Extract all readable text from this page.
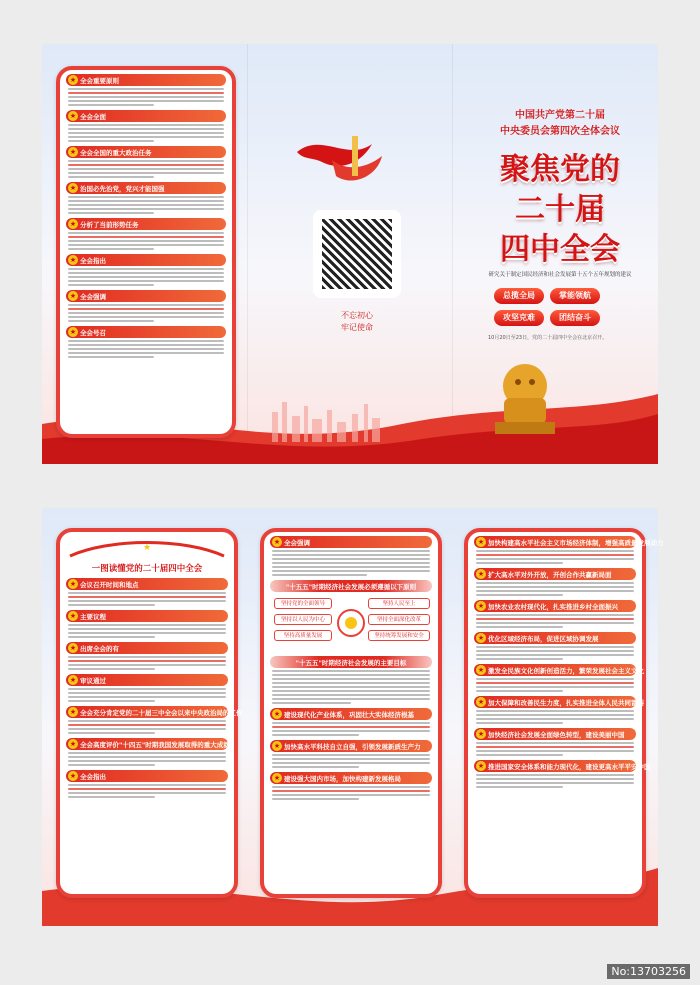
★ 全会重要原则
★ 全会全面
★ 全会全国的重大政治任务
★ 治国必先治党，党兴才能国强
★ 分析了当前形势任务
★ 全会指出
★ 全会强调
★ 全会号召
不忘初心
牢记使命
中国共产党第二十届
中央委员会第四次全体会议
聚焦党的
二十届
四中全会
研究关于制定国民经济和社会发展第十五个五年规划的建议
总揽全局	掌能领航
攻坚克难	团结奋斗
10月20日至23日，党的二十届四中全会在北京召开。
★
一图读懂党的二十届四中全会
★ 会议召开时间和地点
★ 主要议程
★ 出席全会的有
★ 审议通过
★ 全会充分肯定党的二十届三中全会以来中央政治局的工作
★ 全会高度评价"十四五"时期我国发展取得的重大成就
★ 全会指出
★ 全会强调
"十五五"时期经济社会发展必须遵循以下原则
坚持党的全面领导
坚持以人民为中心
坚持高质量发展
坚持人民至上
坚持全面深化改革
坚持统筹发展和安全
"十五五"时期经济社会发展的主要目标
★ 建设现代化产业体系，巩固壮大实体经济根基
★ 加快高水平科技自立自强，引领发展新质生产力
★ 建设强大国内市场，加快构建新发展格局
★ 加快构建高水平社会主义市场经济体制，增强高质量发展动力
★ 扩大高水平对外开放，开创合作共赢新局面
★ 加快农业农村现代化，扎实推进乡村全面振兴
★ 优化区域经济布局，促进区域协调发展
★ 激发全民族文化创新创造活力，繁荣发展社会主义文化
★ 加大保障和改善民生力度，扎实推进全体人民共同富裕
★ 加快经济社会发展全面绿色转型，建设美丽中国
★ 推进国家安全体系和能力现代化，建设更高水平平安中国
No:13703256
